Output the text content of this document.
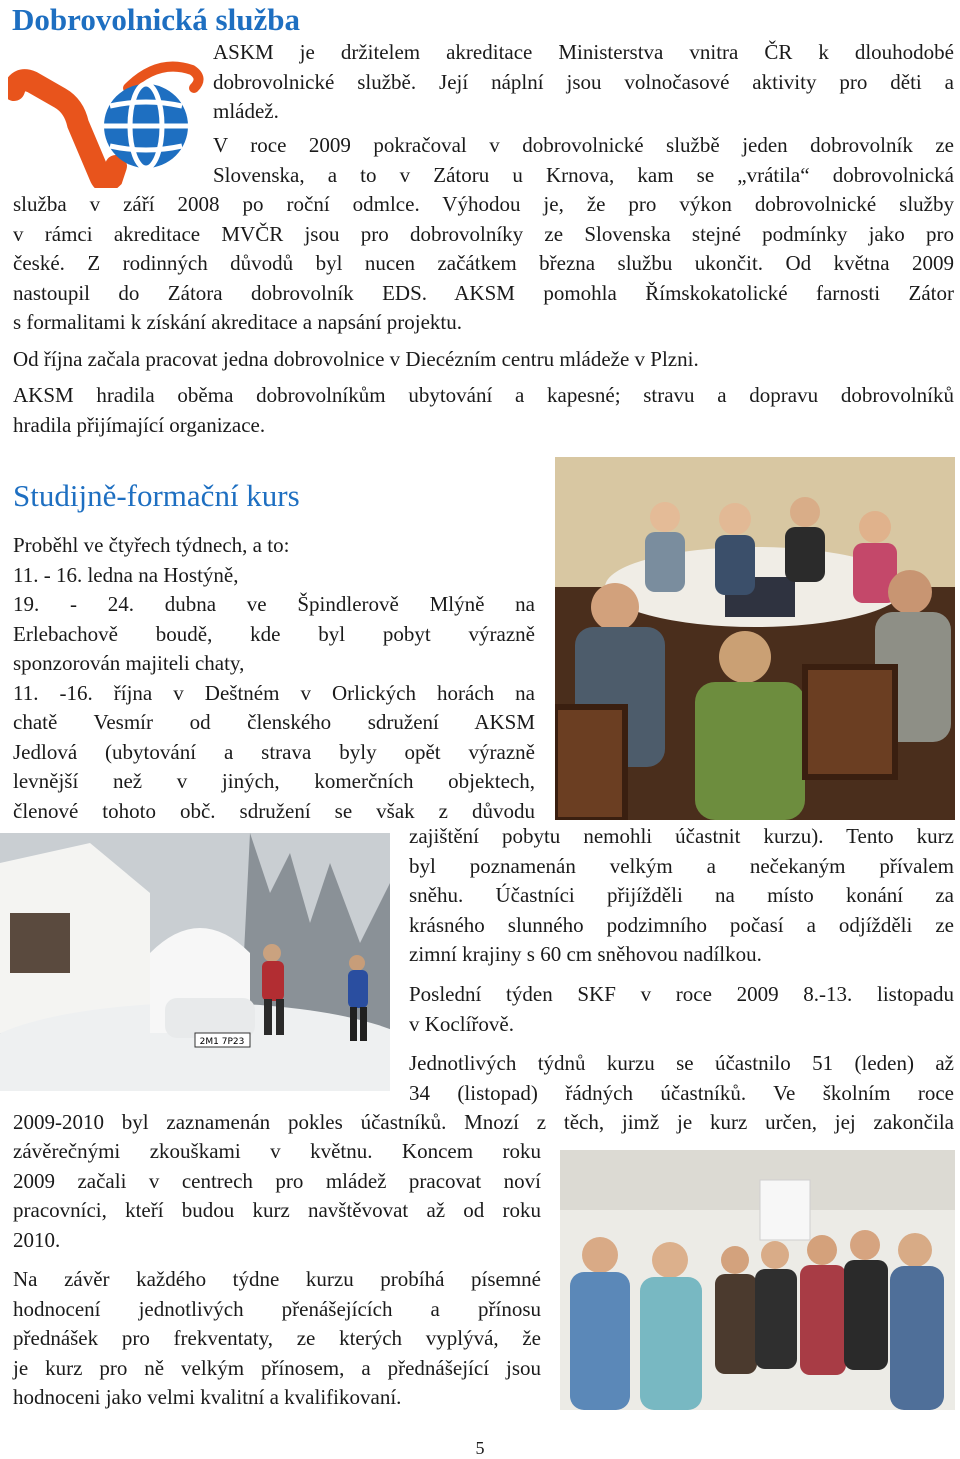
Dobrovolnická služba
ASKM je držitelem akreditace Ministerstva vnitra ČR k dlouhodobé
dobrovolnické službě. Její náplní jsou volnočasové aktivity pro děti a
mládež.
V roce 2009 pokračoval v dobrovolnické službě jeden dobrovolník ze
Slovenska, a to v Zátoru u Krnova, kam se „vrátila“ dobrovolnická
služba v září 2008 po roční odmlce. Výhodou je, že pro výkon dobrovolnické služby
v rámci akreditace MVČR jsou pro dobrovolníky ze Slovenska stejné podmínky jako pro
české. Z rodinných důvodů byl nucen začátkem března službu ukončit. Od května 2009
nastoupil do Zátora dobrovolník EDS. AKSM pomohla Římskokatolické farnosti Zátor
s formalitami k získání akreditace a napsání projektu.
Od října začala pracovat jedna dobrovolnice v Diecézním centru mládeže v Plzni.
AKSM hradila oběma dobrovolníkům ubytování a kapesné; stravu a dopravu dobrovolníků
hradila přijímající organizace.
Studijně-formační kurs
Proběhl ve čtyřech týdnech, a to:
11. - 16. ledna na Hostýně,
19. - 24. dubna ve Špindlerově Mlýně na
Erlebachově boudě, kde byl pobyt výrazně
sponzorován majiteli chaty,
11. -16. října v Deštném v Orlických horách na
chatě Vesmír od členského sdružení AKSM
Jedlová (ubytování a strava byly opět výrazně
levnější než v jiných, komerčních objektech,
členové tohoto obč. sdružení se však z důvodu
2M1 7P23
zajištění pobytu nemohli účastnit kurzu). Tento kurz
byl poznamenán velkým a nečekaným přívalem
sněhu. Účastníci přijížděli na místo konání za
krásného slunného podzimního počasí a odjížděli ze
zimní krajiny s 60 cm sněhovou nadílkou.
Poslední týden SKF v roce 2009 8.-13. listopadu
v Koclířově.
Jednotlivých týdnů kurzu se účastnilo 51 (leden) až
34 (listopad) řádných účastníků. Ve školním roce
2009-2010 byl zaznamenán pokles účastníků. Mnozí z těch, jimž je kurz určen, jej zakončila
závěrečnými zkouškami v květnu. Koncem roku
2009 začali v centrech pro mládež pracovat noví
pracovníci, kteří budou kurz navštěvovat až od roku
2010.
Na závěr každého týdne kurzu probíhá písemné
hodnocení jednotlivých přenášejících a přínosu
přednášek pro frekventaty, ze kterých vyplývá, že
je kurz pro ně velkým přínosem, a přednášející jsou
hodnoceni jako velmi kvalitní a kvalifikovaní.
5
